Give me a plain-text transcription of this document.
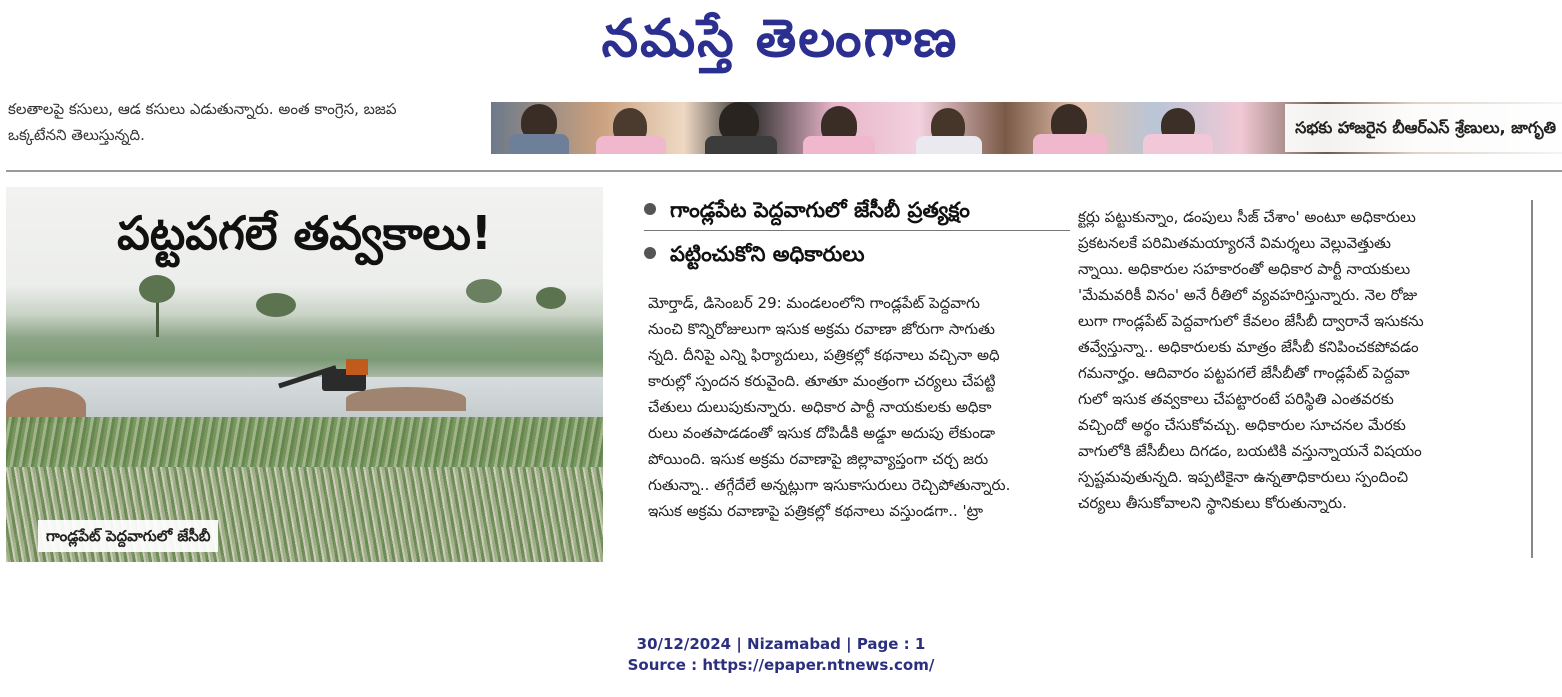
నమస్తే తెలంగాణ
కలతాలపై కసులు, ఆడ కసులు ఎడుతున్నారు. అంత కాంగ్రెస, బజప
ఒక్కటేనని తెలుస్తున్నది.	సభకు హాజరైన బీఆర్‌ఎస్ శ్రేణులు, జాగృతి
పట్టపగలే తవ్వకాలు!
గాండ్లపేట్ పెద్దవాగులో జేసీబీ
గాండ్లపేట పెద్దవాగులో జేసీబీ ప్రత్యక్షం
పట్టించుకోని అధికారులు
మోర్తాడ్, డిసెంబర్ 29: మండలంలోని గాండ్లపేట్ పెద్దవాగు
నుంచి కొన్నిరోజులుగా ఇసుక అక్రమ రవాణా జోరుగా సాగుతు
న్నది. దీనిపై ఎన్ని ఫిర్యాదులు, పత్రికల్లో కథనాలు వచ్చినా అధి
కారుల్లో స్పందన కరువైంది. తూతూ మంత్రంగా చర్యలు చేపట్టి
చేతులు దులుపుకున్నారు. అధికార పార్టీ నాయకులకు అధికా
రులు వంతపాడడంతో ఇసుక దోపిడీకి అడ్డూ అదుపు లేకుండా
పోయింది. ఇసుక అక్రమ రవాణాపై జిల్లావ్యాప్తంగా చర్చ జరు
గుతున్నా.. తగ్గేదేలే అన్నట్లుగా ఇసుకాసురులు రెచ్చిపోతున్నారు.
ఇసుక అక్రమ రవాణాపై పత్రికల్లో కథనాలు వస్తుండగా.. 'ట్రా
క్టర్లు పట్టుకున్నాం, డంపులు సీజ్ చేశాం' అంటూ అధికారులు
ప్రకటనలకే పరిమితమయ్యారనే విమర్శలు వెల్లువెత్తుతు
న్నాయి. అధికారుల సహకారంతో అధికార పార్టీ నాయకులు
'మేమవరికీ వినం' అనే రీతిలో వ్యవహరిస్తున్నారు. నెల రోజు
లుగా గాండ్లపేట్ పెద్దవాగులో కేవలం జేసీబీ ద్వారానే ఇసుకను
తవ్వేస్తున్నా.. అధికారులకు మాత్రం జేసీబీ కనిపించకపోవడం
గమనార్హం. ఆదివారం పట్టపగలే జేసీబీతో గాండ్లపేట్ పెద్దవా
గులో ఇసుక తవ్వకాలు చేపట్టారంటే పరిస్థితి ఎంతవరకు
వచ్చిందో అర్థం చేసుకోవచ్చు. అధికారుల సూచనల మేరకు
వాగులోకి జేసీబీలు దిగడం, బయటికి వస్తున్నాయనే విషయం
స్పష్టమవుతున్నది. ఇప్పటికైనా ఉన్నతాధికారులు స్పందించి
చర్యలు తీసుకోవాలని స్థానికులు కోరుతున్నారు.
30/12/2024 | Nizamabad | Page : 1
Source : https://epaper.ntnews.com/
